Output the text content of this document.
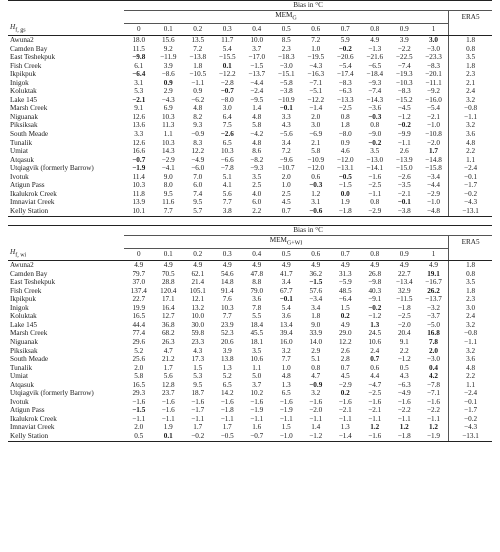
	Bias in °C											
	$MEM_G$											ERA5
$H_{f, gs}$	0	0.1	0.2	0.3	0.4	0.5	0.6	0.7	0.8	0.9	1	
Awuna2	18.0	15.6	13.5	11.7	10.0	8.5	7.2	5.9	4.9	3.9	3.0	1.8
Camden Bay	11.5	9.2	7.2	5.4	3.7	2.3	1.0	−0.2	−1.3	−2.2	−3.0	0.8
East Teshekpuk	−9.8	−11.9	−13.8	−15.5	−17.0	−18.3	−19.5	−20.6	−21.6	−22.5	−23.3	3.5
Fish Creek	6.1	3.9	1.8	0.1	−1.5	−3.0	−4.3	−5.4	−6.5	−7.4	−8.3	1.8
Ikpikpuk	−6.4	−8.6	−10.5	−12.2	−13.7	−15.1	−16.3	−17.4	−18.4	−19.3	−20.1	2.3
Inigok	3.1	0.9	−1.1	−2.8	−4.4	−5.8	−7.1	−8.3	−9.3	−10.3	−11.1	2.1
Koluktak	5.3	2.9	0.9	−0.7	−2.4	−3.8	−5.1	−6.3	−7.4	−8.3	−9.2	2.4
Lake 145	−2.1	−4.3	−6.2	−8.0	−9.5	−10.9	−12.2	−13.3	−14.3	−15.2	−16.0	3.2
Marsh Creek	9.1	6.9	4.8	3.0	1.4	−0.1	−1.4	−2.5	−3.6	−4.5	−5.4	−0.8
Niguanak	12.6	10.3	8.2	6.4	4.8	3.3	2.0	0.8	−0.3	−1.2	−2.1	−1.1
Piksiksak	13.6	11.3	9.3	7.5	5.8	4.3	3.0	1.8	0.8	−0.2	−1.0	3.2
South Meade	3.3	1.1	−0.9	−2.6	−4.2	−5.6	−6.9	−8.0	−9.0	−9.9	−10.8	3.6
Tunalik	12.6	10.3	8.3	6.5	4.8	3.4	2.1	0.9	−0.2	−1.1	−2.0	4.8
Umiat	16.6	14.3	12.2	10.3	8.6	7.2	5.8	4.6	3.5	2.6	1.7	2.2
Atqasuk	−0.7	−2.9	−4.9	−6.6	−8.2	−9.6	−10.9	−12.0	−13.0	−13.9	−14.8	1.1
Utqiagvik (formerly Barrow)	−1.9	−4.1	−6.0	−7.8	−9.3	−10.7	−12.0	−13.1	−14.1	−15.0	−15.8	−2.4
Ivotuk	11.4	9.0	7.0	5.1	3.5	2.0	0.6	−0.5	−1.6	−2.6	−3.4	−0.1
Atigun Pass	10.3	8.0	6.0	4.1	2.5	1.0	−0.3	−1.5	−2.5	−3.5	−4.4	−1.7
Ikalukrok Creek	11.8	9.5	7.4	5.6	4.0	2.5	1.2	0.0	−1.1	−2.1	−2.9	−0.2
Imnaviat Creek	13.9	11.6	9.5	7.7	6.0	4.5	3.1	1.9	0.8	−0.1	−1.0	−4.3
Kelly Station	10.1	7.7	5.7	3.8	2.2	0.7	−0.6	−1.8	−2.9	−3.8	−4.8	−13.1

	Bias in °C											
	$MEM_{G+WI}$											ERA5
$H_{f, wi}$	0	0.1	0.2	0.3	0.4	0.5	0.6	0.7	0.8	0.9	1	
Awuna2	4.9	4.9	4.9	4.9	4.9	4.9	4.9	4.9	4.9	4.9	4.9	1.8
Camden Bay	79.7	70.5	62.1	54.6	47.8	41.7	36.2	31.3	26.8	22.7	19.1	0.8
East Teshekpuk	37.0	28.8	21.4	14.8	8.8	3.4	−1.5	−5.9	−9.8	−13.4	−16.7	3.5
Fish Creek	137.4	120.4	105.1	91.4	79.0	67.7	57.6	48.5	40.3	32.9	26.2	1.8
Ikpikpuk	22.7	17.1	12.1	7.6	3.6	−0.1	−3.4	−6.4	−9.1	−11.5	−13.7	2.3
Inigok	19.9	16.4	13.2	10.3	7.8	5.4	3.4	1.5	−0.2	−1.8	−3.2	3.0
Koluktak	16.5	12.7	10.0	7.7	5.5	3.6	1.8	0.2	−1.2	−2.5	−3.7	2.4
Lake 145	44.4	36.8	30.0	23.9	18.4	13.4	9.0	4.9	1.3	−2.0	−5.0	3.2
Marsh Creek	77.4	68.2	59.8	52.3	45.5	39.4	33.9	29.0	24.5	20.4	16.8	−0.8
Niguanak	29.6	26.3	23.3	20.6	18.1	16.0	14.0	12.2	10.6	9.1	7.8	−1.1
Piksiksak	5.2	4.7	4.3	3.9	3.5	3.2	2.9	2.6	2.4	2.2	2.0	3.2
South Meade	25.6	21.2	17.3	13.8	10.6	7.7	5.1	2.8	0.7	−1.2	−3.0	3.6
Tunalik	2.0	1.7	1.5	1.3	1.1	1.0	0.8	0.7	0.6	0.5	0.4	4.8
Umiat	5.8	5.6	5.3	5.2	5.0	4.8	4.7	4.5	4.4	4.3	4.2	2.2
Atqasuk	16.5	12.8	9.5	6.5	3.7	1.3	−0.9	−2.9	−4.7	−6.3	−7.8	1.1
Utqiagvik (formerly Barrow)	29.3	23.7	18.7	14.2	10.2	6.5	3.2	0.2	−2.5	−4.9	−7.1	−2.4
Ivotuk	−1.6	−1.6	−1.6	−1.6	−1.6	−1.6	−1.6	−1.6	−1.6	−1.6	−1.6	−0.1
Atigun Pass	−1.5	−1.6	−1.7	−1.8	−1.9	−1.9	−2.0	−2.1	−2.1	−2.2	−2.2	−1.7
Ikalukrok Creek	−1.1	−1.1	−1.1	−1.1	−1.1	−1.1	−1.1	−1.1	−1.1	−1.1	−1.1	−0.2
Imnaviat Creek	2.0	1.9	1.7	1.7	1.6	1.5	1.4	1.3	1.2	1.2	1.2	−4.3
Kelly Station	0.5	0.1	−0.2	−0.5	−0.7	−1.0	−1.2	−1.4	−1.6	−1.8	−1.9	−13.1
